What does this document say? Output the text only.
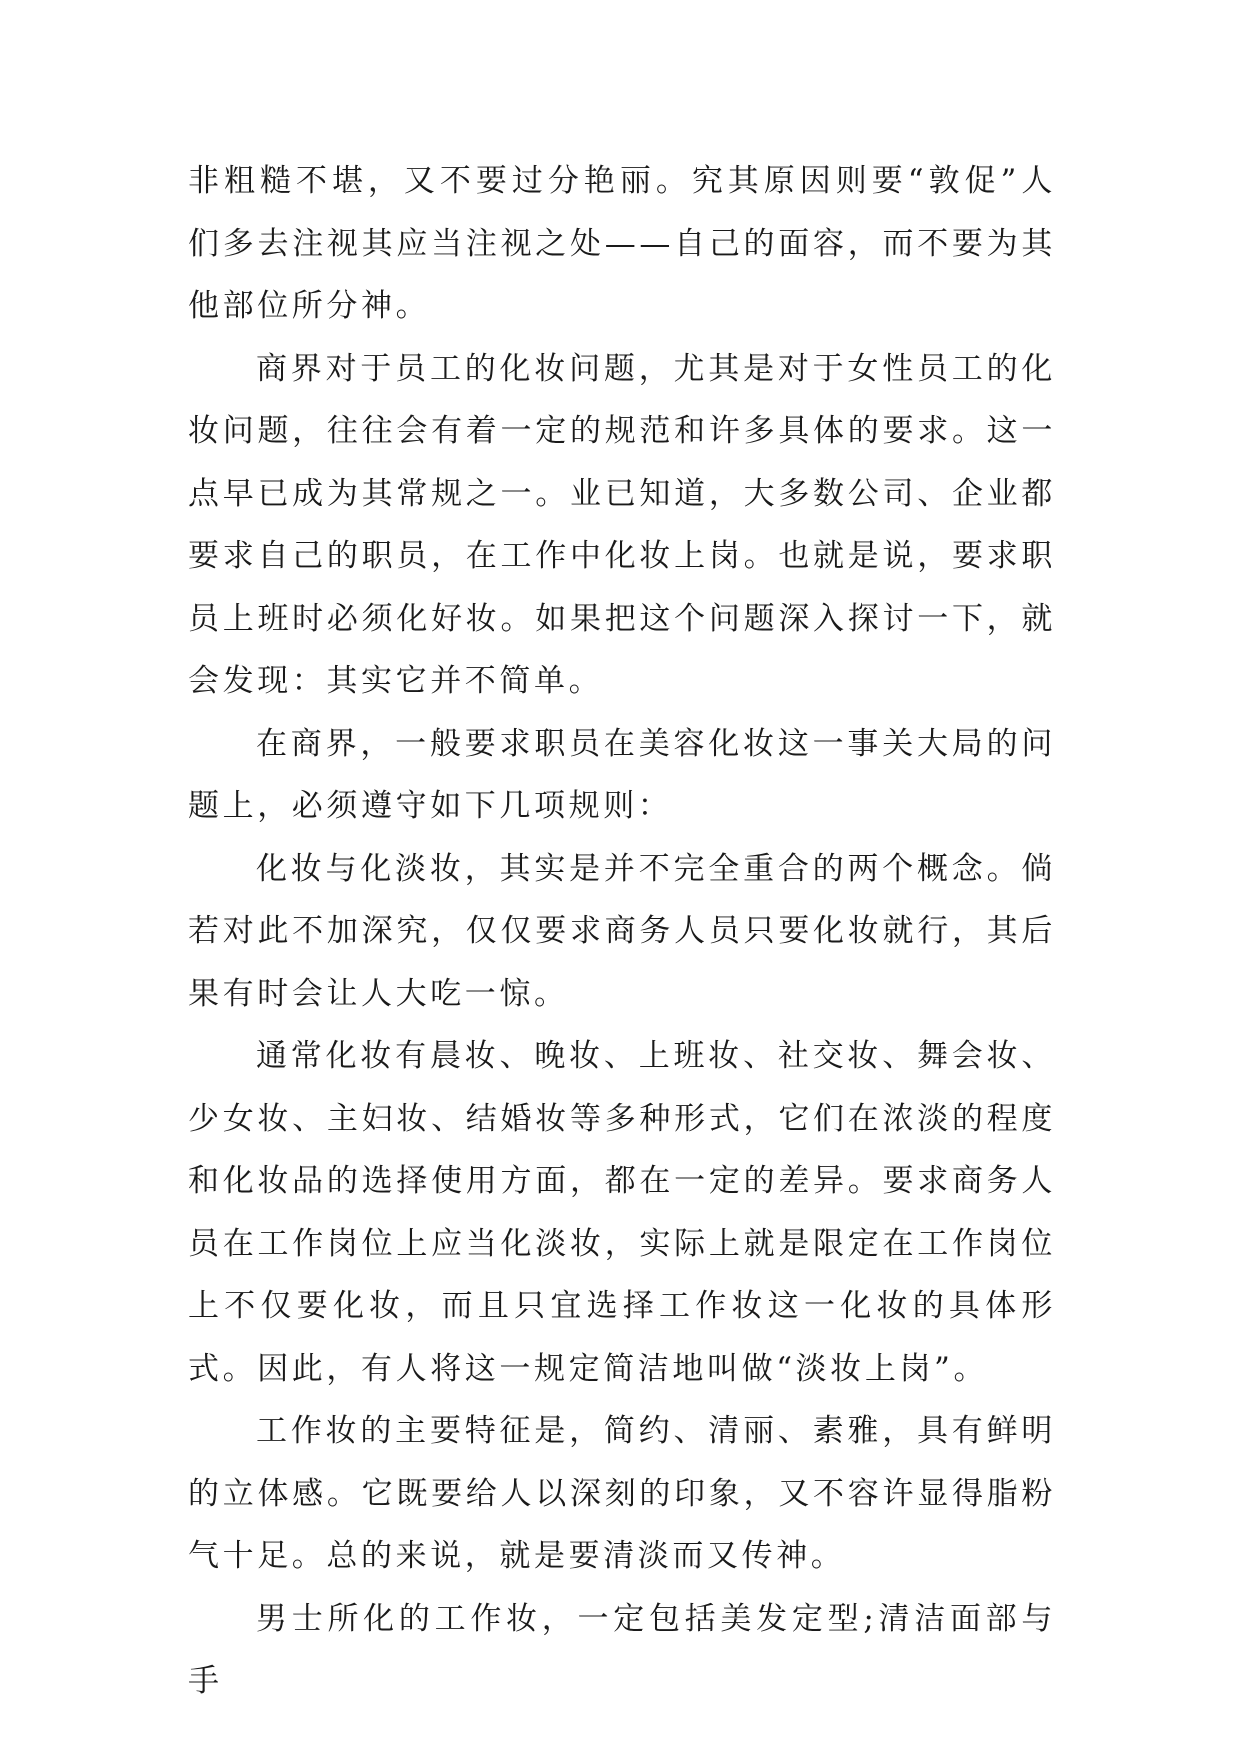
非粗糙不堪，又不要过分艳丽。究其原因则要“敦促”人们多去注视其应当注视之处——自己的面容，而不要为其他部位所分神。

商界对于员工的化妆问题，尤其是对于女性员工的化妆问题，往往会有着一定的规范和许多具体的要求。这一点早已成为其常规之一。业已知道，大多数公司、企业都要求自己的职员，在工作中化妆上岗。也就是说，要求职员上班时必须化好妆。如果把这个问题深入探讨一下，就会发现：其实它并不简单。

在商界，一般要求职员在美容化妆这一事关大局的问题上，必须遵守如下几项规则：

化妆与化淡妆，其实是并不完全重合的两个概念。倘若对此不加深究，仅仅要求商务人员只要化妆就行，其后果有时会让人大吃一惊。

通常化妆有晨妆、晚妆、上班妆、社交妆、舞会妆、少女妆、主妇妆、结婚妆等多种形式，它们在浓淡的程度和化妆品的选择使用方面，都在一定的差异。要求商务人员在工作岗位上应当化淡妆，实际上就是限定在工作岗位上不仅要化妆，而且只宜选择工作妆这一化妆的具体形式。因此，有人将这一规定简洁地叫做“淡妆上岗”。

工作妆的主要特征是，简约、清丽、素雅，具有鲜明的立体感。它既要给人以深刻的印象，又不容许显得脂粉气十足。总的来说，就是要清淡而又传神。

男士所化的工作妆，一定包括美发定型;清洁面部与手
